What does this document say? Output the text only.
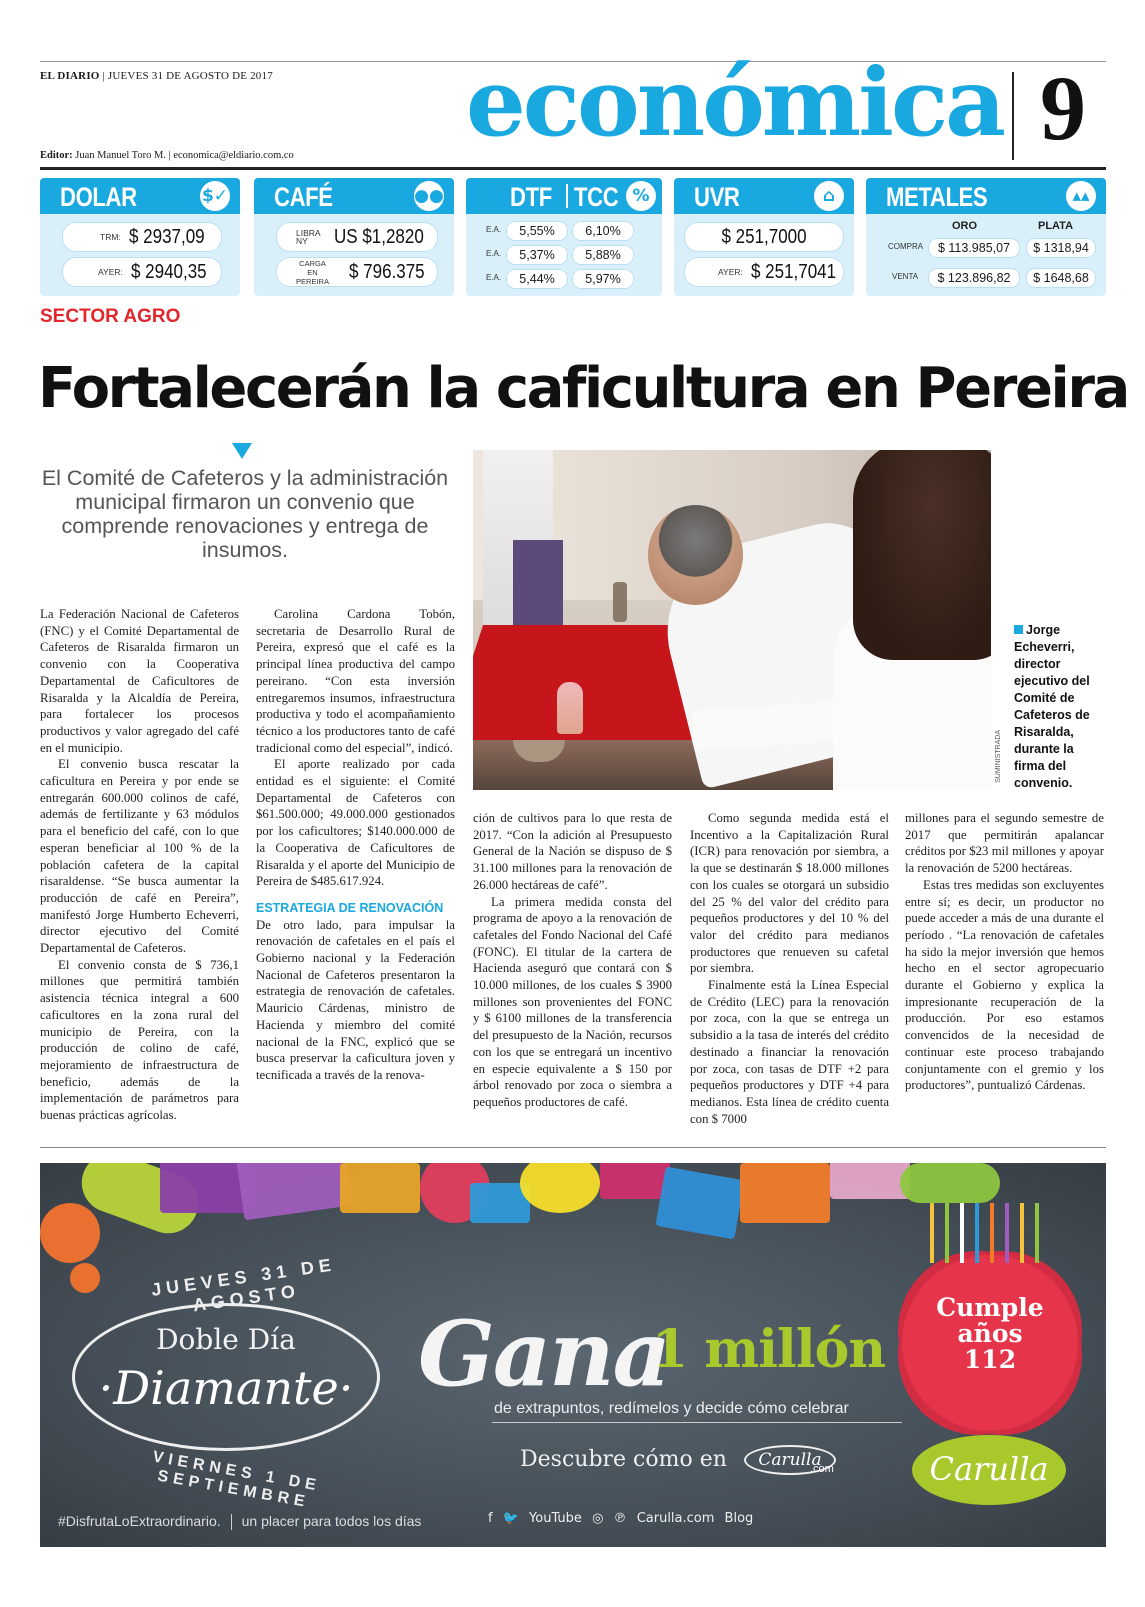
EL DIARIO | JUEVES 31 DE AGOSTO DE 2017 económica 9
Editor: Juan Manuel Toro M. | economica@eldiario.com.co
DOLAR	$✓
TRM: $ 2937,09
AYER: $ 2940,35
CAFÉ	●●
LIBRA NY	US $1,2820
CARGA EN
PEREIRA $ 796.375
DTF TCC %
E.A.	5,55%	6,10%
E.A.	5,37%	5,88%
E.A.	5,44%	5,97%
UVR	⌂
$ 251,7000
AYER: $ 251,7041
METALES	▴▴
ORO	PLATA
COMPRA	$ 113.985,07	$ 1318,94
VENTA	$ 123.896,82	$ 1648,68
SECTOR AGRO
Fortalecerán la caficultura en Pereira
El Comité de Cafeteros y la administración municipal firmaron un convenio que comprende renovaciones y entrega de insumos.
SUMINISTRADA
Jorge Echeverri, director ejecutivo del Comité de Cafeteros de Risaralda, durante la firma del convenio.

La Federación Nacional de Cafeteros (FNC) y el Comité Departamental de Cafeteros de Risaralda firmaron un convenio con la Cooperativa Departamental de Caficultores de Risaralda y la Alcaldía de Pereira, para fortalecer los procesos productivos y valor agregado del café en el municipio.

El convenio busca rescatar la caficultura en Pereira y por ende se entregarán 600.000 colinos de café, además de fertilizante y 63 módulos para el beneficio del café, con lo que esperan beneficiar al 100 % de la población cafetera de la capital risaraldense. “Se busca aumentar la producción de café en Pereira”, manifestó Jorge Humberto Echeverri, director ejecutivo del Comité Departamental de Cafeteros.

El convenio consta de $ 736,1 millones que permitirá también asistencia técnica integral a 600 caficultores en la zona rural del municipio de Pereira, con la producción de colino de café, mejoramiento de infraestructura de beneficio, además de la implementación de parámetros para buenas prácticas agrícolas.

Carolina Cardona Tobón, secretaria de Desarrollo Rural de Pereira, expresó que el café es la principal línea productiva del campo pereirano. “Con esta inversión entregaremos insumos, infraestructura productiva y todo el acompañamiento técnico a los productores tanto de café tradicional como del especial”, indicó.

El aporte realizado por cada entidad es el siguiente: el Comité Departamental de Cafeteros con $61.500.000; 49.000.000 gestionados por los caficultores; $140.000.000 de la Cooperativa de Caficultores de Risaralda y el aporte del Municipio de Pereira de $485.617.924.

ESTRATEGIA DE RENOVACIÓN

De otro lado, para impulsar la renovación de cafetales en el país el Gobierno nacional y la Federación Nacional de Cafeteros presentaron la estrategia de renovación de cafetales. Mauricio Cárdenas, ministro de Hacienda y miembro del comité nacional de la FNC, explicó que se busca preservar la caficultura joven y tecnificada a través de la renova-

ción de cultivos para lo que resta de 2017. “Con la adición al Presupuesto General de la Nación se dispuso de $ 31.100 millones para la renovación de 26.000 hectáreas de café”.

La primera medida consta del programa de apoyo a la renovación de cafetales del Fondo Nacional del Café (FONC). El titular de la cartera de Hacienda aseguró que contará con $ 10.000 millones, de los cuales $ 3900 millones son provenientes del FONC y $ 6100 millones de la transferencia del presupuesto de la Nación, recursos con los que se entregará un incentivo en especie equivalente a $ 150 por árbol renovado por zoca o siembra a pequeños productores de café.

Como segunda medida está el Incentivo a la Capitalización Rural (ICR) para renovación por siembra, a la que se destinarán $ 18.000 millones con los cuales se otorgará un subsidio del 25 % del valor del crédito para pequeños productores y del 10 % del valor del crédito para medianos productores que renueven su cafetal por siembra.

Finalmente está la Línea Especial de Crédito (LEC) para la renovación por zoca, con la que se entrega un subsidio a la tasa de interés del crédito destinado a financiar la renovación por zoca, con tasas de DTF +2 para pequeños productores y DTF +4 para medianos. Esta línea de crédito cuenta con $ 7000

millones para el segundo semestre de 2017 que permitirán apalancar créditos por $23 mil millones y apoyar la renovación de 5200 hectáreas.

Estas tres medidas son excluyentes entre sí; es decir, un productor no puede acceder a más de una durante el período . “La renovación de cafetales ha sido la mejor inversión que hemos hecho en el sector agropecuario durante el Gobierno y explica la impresionante recuperación de la producción. Por eso estamos convencidos de la necesidad de continuar este proceso trabajando conjuntamente con el gremio y los productores”, puntualizó Cárdenas.

JUEVES 31 DE AGOSTO
Doble Día
·Diamante·
VIERNES 1 DE SEPTIEMBRE
Gana
1 millón
de extrapuntos, redímelos y decide cómo celebrar
Descubre cómo en	Carulla
.com
Cumple
años
112
Carulla
#DisfrutaLoExtraordinario. un placer para todos los días	f 🐦 YouTube ◎ ℗ Carulla.com Blog
